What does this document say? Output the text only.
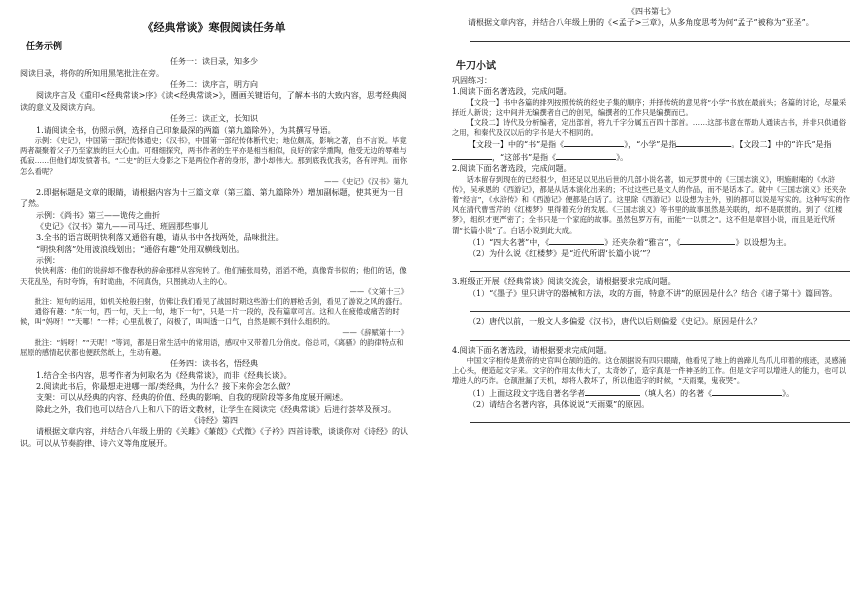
《经典常谈》寒假阅读任务单

任务示例

任务一：读目录，知多少

阅读目录，将你的所知用黑笔批注在旁。

任务二：读序言，明方向

阅读序言及《重印<经典常谈>序》《读<经典常谈>》，圈画关键语句，了解本书的大致内容，思考经典阅读的意义及阅读方向。

任务三：读正文，长知识

1.请阅读全书，仿照示例，选择自己印象最深的两篇（第九篇除外），为其撰写导语。

示例：《史记》，中国第一部纪传体通史；《汉书》，中国第一部纪传体断代史；地位颇高，影响之著，自不言说。毕竟两者凝聚着父子乃至家族的巨大心血。可细细探究，两书作者的生平亦是相当相似，良好的家学熏陶，他受无边的辱难与孤寂……但他们却发愤著书。“二史”的巨大身影之下是两位作者的身形，渺小却伟大。那到底我优我劣，各有评判。而你怎么看呢？

——《史记》《汉书》第九

2.即据标题是文章的眼睛，请根据内容为十三篇文章（第三篇、第九篇除外）增加副标题，使其更为一目了然。

示例：《尚书》第三——诡传之曲折

《史记》《汉书》第九——司马迁、班固那些事儿

3.全书的语言既明快利落又通俗有趣，请从书中各找两处，品味批注。

“明快利落”处用波浪线划出；“通俗有趣”处用双横线划出。

示例：

快快利落：他们的说辞却不像春秋的辞命那样从容宛转了。他们铺张局势，滔滔不绝，真像背书似的；他们的话，像天花乱坠，有时夸饰，有时诡曲，不问真伪，只图挑动人主的心。

——《文第十三》

批注：短句的运用，如机关枪般扫射，仿佛让我们看见了战国时期这些游士们的唇枪舌剑，看见了游说之风的盛行。

通俗有趣：“东一句，西一句，天上一句，地下一句”，只是一片一段的，没有篇章可言。这和人在疲倦或痛苦的时候，叫“妈呀！”“天哪！”一样；心里乱极了，闷极了，叫叫透一口气，自然是顾不到什么组织的。

——《辞赋第十一》

批注：“妈呀！”“天呢！”等词，都是日常生活中的常用语，感叹中又带着几分俏皮。俗总司，《离骚》的韵律特点和屈原的感情起伏都也便跃然纸上，生动有趣。

任务四：读书名，悟经典

1.结合全书内容，思考作者为何取名为《经典常谈》，而非《经典长谈》。

2.阅读此书后，你最想走进哪一部/类经典，为什么？接下来你会怎么做？

支架：可以从经典的内容、经典的价值、经典的影响、自我的现阶段等多角度展开阐述。

除此之外，我们也可以结合八上和八下的语文教材，让学生在阅读完《经典常谈》后进行荟萃及预习。

《诗经》第四

请根据文章内容，并结合八年级上册的《关雎》《蒹葭》《式微》《子衿》四首诗歌，谈谈你对《诗经》的认识。可以从节奏韵律、诗六义等角度展开。

《四书第七》

请根据文章内容，并结合八年级上册的《<孟子>三章》，从多角度思考为何“孟子”被称为“亚圣”。

牛刀小试

巩固练习：

1.阅读下面名著选段，完成问题。

【文段一】书中各篇的排列按照传统的经史子集的顺序；并择传统的意见将“小学”书放在最前头；各篇的讨论，尽量采择近人新说；这中间并无编撰者自己的创见，编撰者的工作只是编撰而已。

【文段二】诗代及分析编者，定出部首，将九千字分属五百四十部首。……这部书意在帮助人通读古书，并非只供通俗之用，和秦代及汉以后的字书是大不相同的。

【文段一】中的“书”是指《	》，“小学”是指	。【文段二】中的“许氏”是指，“这部书”是指《	》。

2.阅读下面名著选段，完成问题。

话本留存到现在的已经很少，但还足以见出后世的几部小说名著，如元罗贯中的《三国志演义》，明施耐庵的《水浒传》，吴承恩的《西游记》，都是从话本演化出来的；不过这些已是文人的作品，而不是话本了。就中《三国志演义》还夹杂着“经言”，《水浒传》和《西游记》便都是白话了。这里除《西游记》以设想为主外，别的都可以说是写实的。这种写实的作风在清代曹雪芹的《红楼梦》里得着充分的发展。《三国志演义》等书里的故事虽然是关联的，却不是联贯的。到了《红楼梦》，组织才更严密了；全书只是一个家庭的故事。虽然包罗万有，而能“一以贯之”。这不但是章回小说，而且是近代所谓“长篇小说”了。白话小说到此大成。

（1）“四大名著”中，《	》还夹杂着“雅言”，《	》以设想为主。

（2）为什么说《红楼梦》是“近代所谓‘长篇小说’”？

3.班级正开展《经典常谈》阅读交流会，请根据要求完成问题。

（1）“《墨子》里只讲守的器械和方法，攻的方面，特意不讲”的原因是什么？结合《诸子第十》篇回答。

（2）唐代以前，一般文人多偏爱《汉书》，唐代以后则偏爱《史记》。原因是什么？

4.阅读下面名著选段，请根据要求完成问题。

中国文字相传是黄帝的史官叫仓颉的造的。这仓颉据说有四只眼睛，他看见了地上的兽蹄儿鸟爪儿印着的痕迹，灵感涌上心头，便造起文字来。文字的作用太伟大了，太奇妙了，造字真是一件神圣的工作。但是文字可以增进人的能力，也可以增进人的巧诈。仓颉泄漏了天机，却将人教坏了，所以他造字的时候，“天雨粟，鬼夜哭”。

（1）上面这段文字选自著名学者	（填人名）的名著《	》。

（2）请结合名著内容，具体说说“天雨粟”的原因。
